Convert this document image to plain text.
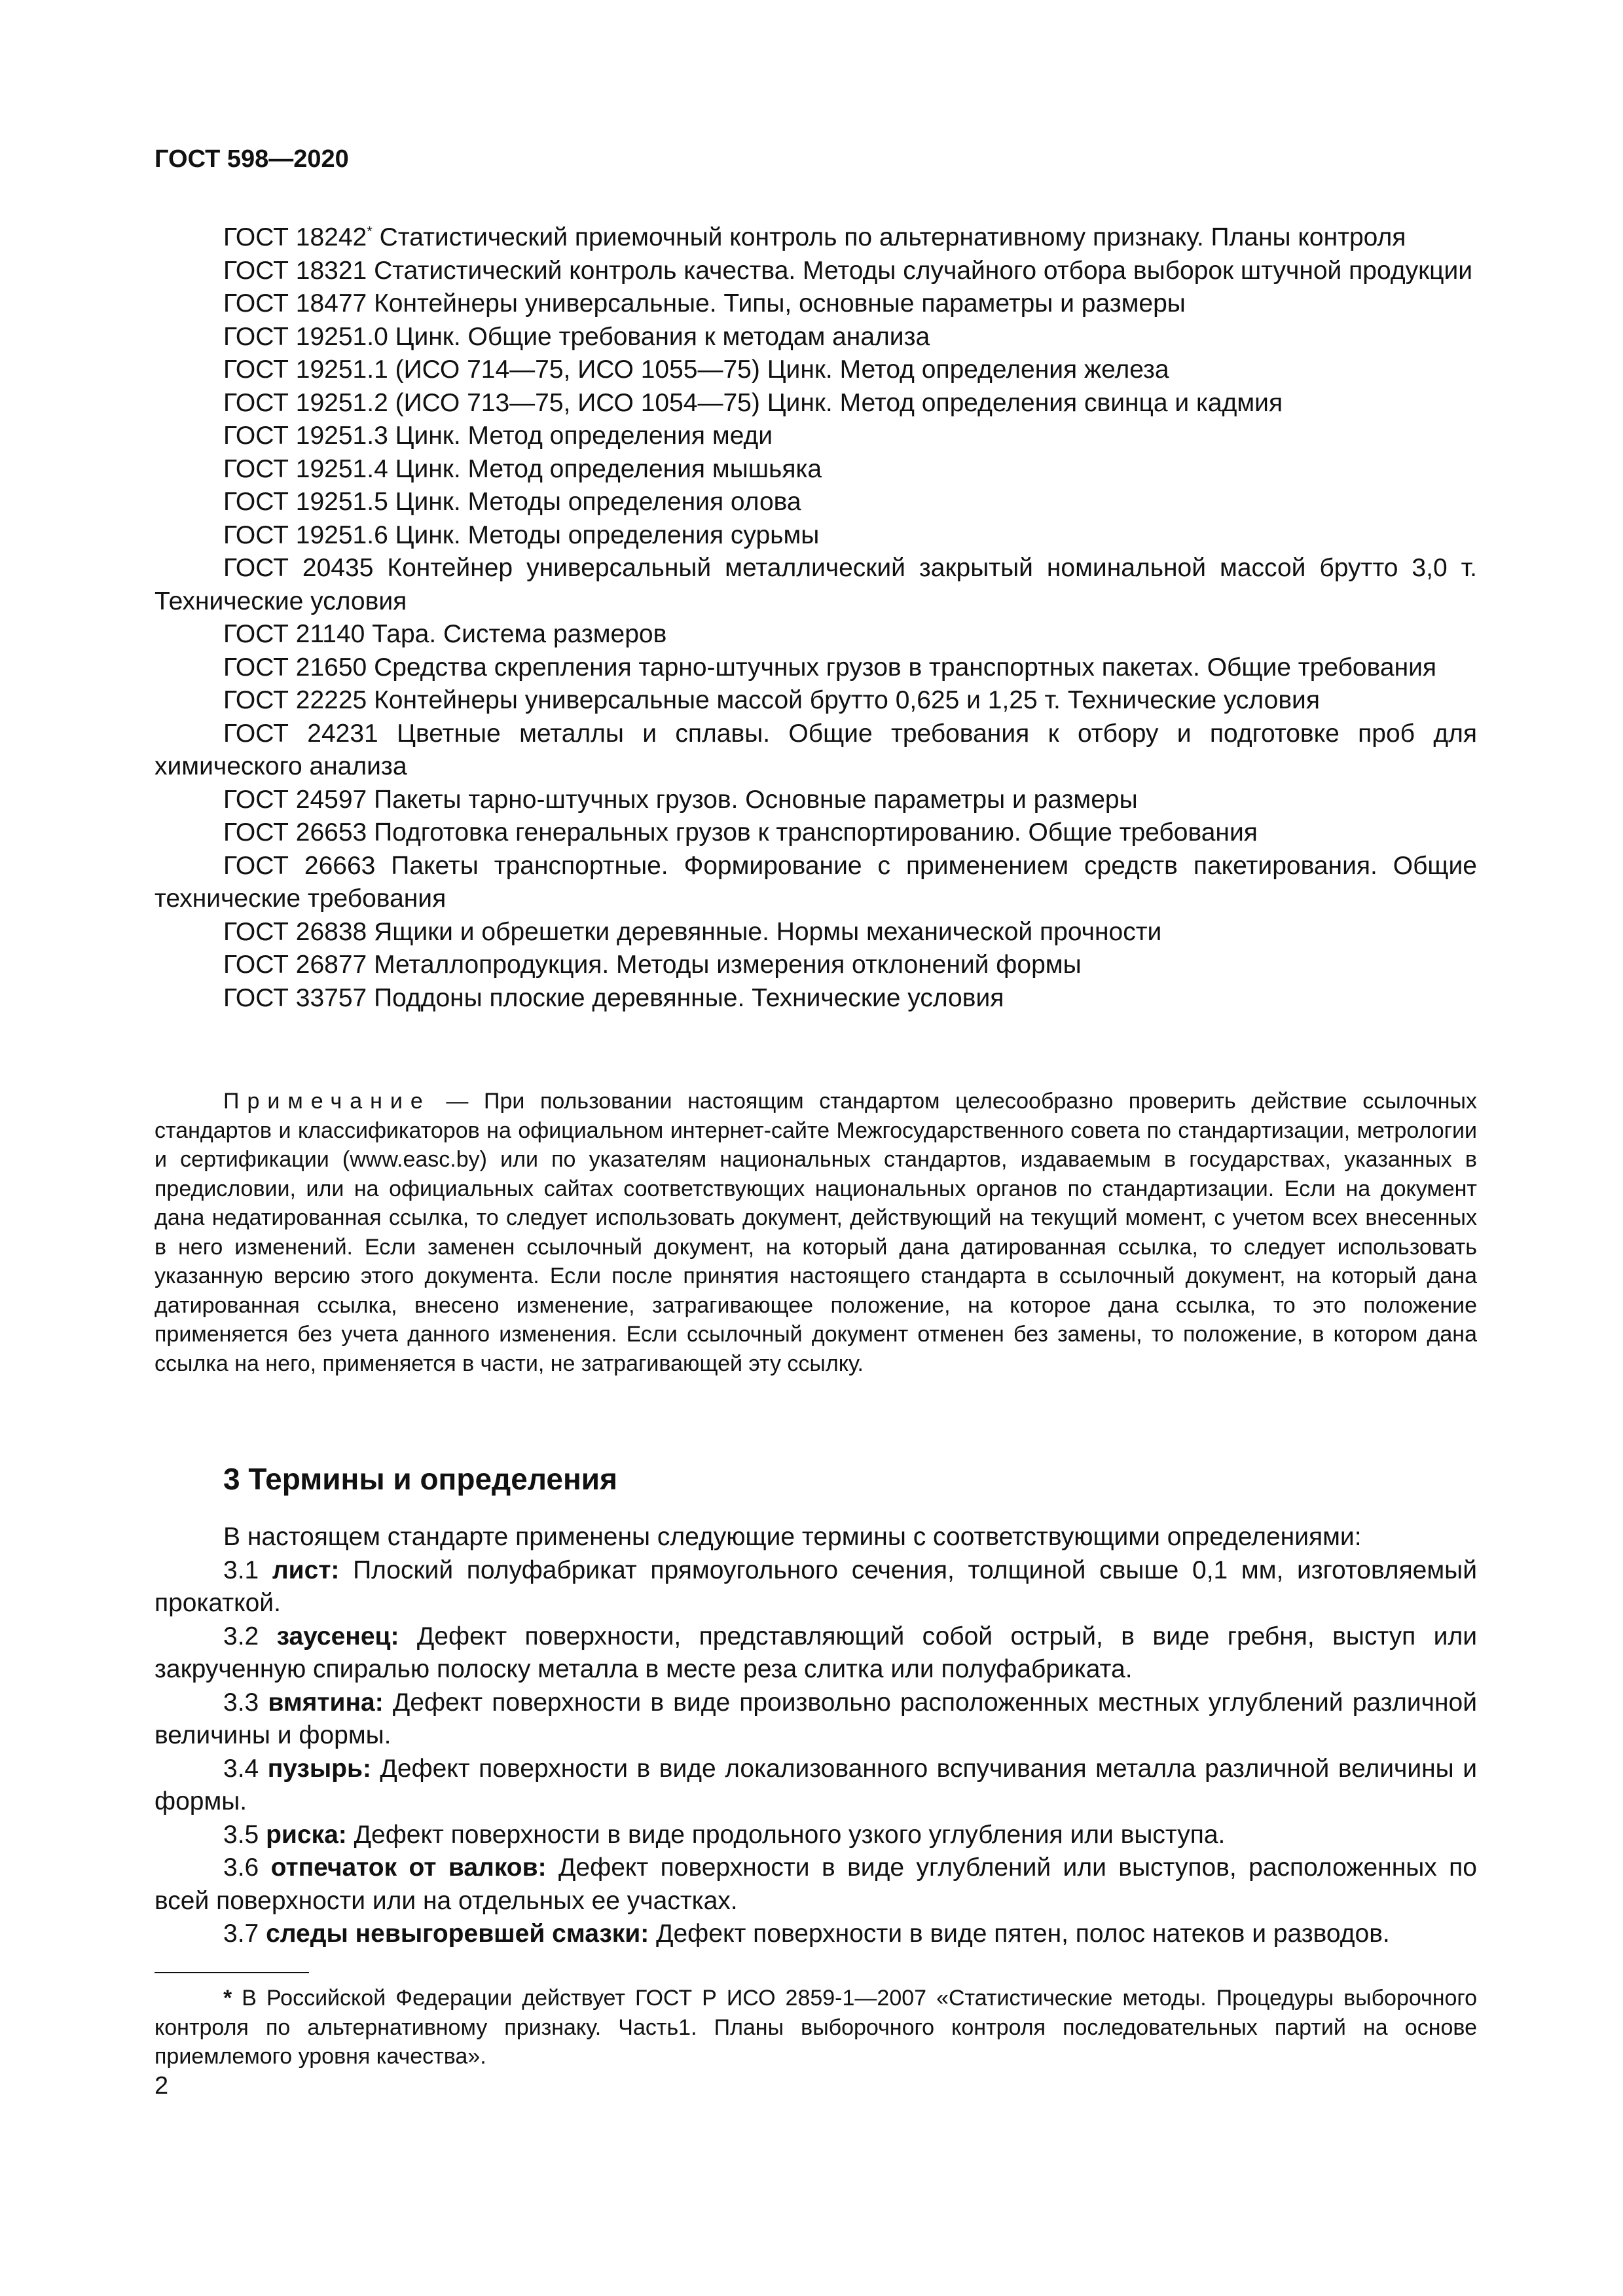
ГОСТ 598—2020

ГОСТ 18242* Статистический приемочный контроль по альтернативному признаку. Планы контроля

ГОСТ 18321 Статистический контроль качества. Методы случайного отбора выборок штучной продукции

ГОСТ 18477 Контейнеры универсальные. Типы, основные параметры и размеры

ГОСТ 19251.0 Цинк. Общие требования к методам анализа

ГОСТ 19251.1 (ИСО 714—75, ИСО 1055—75) Цинк. Метод определения железа

ГОСТ 19251.2 (ИСО 713—75, ИСО 1054—75) Цинк. Метод определения свинца и кадмия

ГОСТ 19251.3 Цинк. Метод определения меди

ГОСТ 19251.4 Цинк. Метод определения мышьяка

ГОСТ 19251.5 Цинк. Методы определения олова

ГОСТ 19251.6 Цинк. Методы определения сурьмы

ГОСТ 20435 Контейнер универсальный металлический закрытый номинальной массой брутто 3,0 т. Технические условия

ГОСТ 21140 Тара. Система размеров

ГОСТ 21650 Средства скрепления тарно-штучных грузов в транспортных пакетах. Общие требования

ГОСТ 22225 Контейнеры универсальные массой брутто 0,625 и 1,25 т. Технические условия

ГОСТ 24231 Цветные металлы и сплавы. Общие требования к отбору и подготовке проб для химического анализа

ГОСТ 24597 Пакеты тарно-штучных грузов. Основные параметры и размеры

ГОСТ 26653 Подготовка генеральных грузов к транспортированию. Общие требования

ГОСТ 26663 Пакеты транспортные. Формирование с применением средств пакетирования. Общие технические требования

ГОСТ 26838 Ящики и обрешетки деревянные. Нормы механической прочности

ГОСТ 26877 Металлопродукция. Методы измерения отклонений формы

ГОСТ 33757 Поддоны плоские деревянные. Технические условия

Примечание — При пользовании настоящим стандартом целесообразно проверить действие ссылочных стандартов и классификаторов на официальном интернет-сайте Межгосударственного совета по стандартизации, метрологии и сертификации (www.easc.by) или по указателям национальных стандартов, издаваемым в государствах, указанных в предисловии, или на официальных сайтах соответствующих национальных органов по стандартизации. Если на документ дана недатированная ссылка, то следует использовать документ, действующий на текущий момент, с учетом всех внесенных в него изменений. Если заменен ссылочный документ, на который дана датированная ссылка, то следует использовать указанную версию этого документа. Если после принятия настоящего стандарта в ссылочный документ, на который дана датированная ссылка, внесено изменение, затрагивающее положение, на которое дана ссылка, то это положение применяется без учета данного изменения. Если ссылочный документ отменен без замены, то положение, в котором дана ссылка на него, применяется в части, не затрагивающей эту ссылку.

3 Термины и определения

В настоящем стандарте применены следующие термины с соответствующими определениями:

3.1 лист: Плоский полуфабрикат прямоугольного сечения, толщиной свыше 0,1 мм, изготовляемый прокаткой.

3.2 заусенец: Дефект поверхности, представляющий собой острый, в виде гребня, выступ или закрученную спиралью полоску металла в месте реза слитка или полуфабриката.

3.3 вмятина: Дефект поверхности в виде произвольно расположенных местных углублений различной величины и формы.

3.4 пузырь: Дефект поверхности в виде локализованного вспучивания металла различной величины и формы.

3.5 риска: Дефект поверхности в виде продольного узкого углубления или выступа.

3.6 отпечаток от валков: Дефект поверхности в виде углублений или выступов, расположенных по всей поверхности или на отдельных ее участках.

3.7 следы невыгоревшей смазки: Дефект поверхности в виде пятен, полос натеков и разводов.

* В Российской Федерации действует ГОСТ Р ИСО 2859-1—2007 «Статистические методы. Процедуры выборочного контроля по альтернативному признаку. Часть1. Планы выборочного контроля последовательных партий на основе приемлемого уровня качества».

2
